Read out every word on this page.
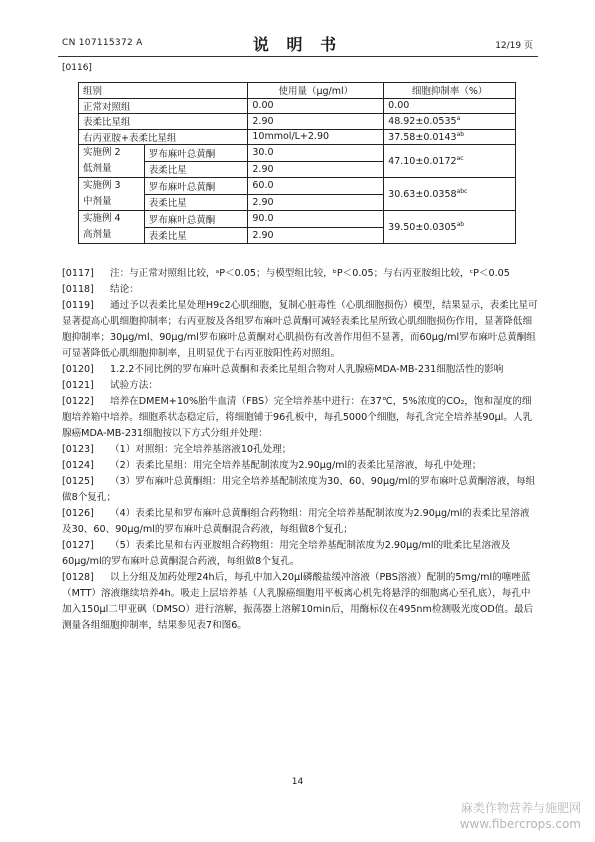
CN 107115372 A	说 明 书	12/19 页
[0116]
组别		使用量（μg/ml）	细胞抑制率（%）
正常对照组		0.00	0.00
表柔比星组		2.90	48.92±0.0535$^a$
右丙亚胺+表柔比星组		10mmol/L+2.90	37.58±0.0143$^{ab}$
实施例 2
低剂量	罗布麻叶总黄酮	30.0	47.10±0.0172$^{ac}$
	表柔比星	2.90	
实施例 3
中剂量	罗布麻叶总黄酮	60.0	30.63±0.0358$^{abc}$
	表柔比星	2.90	
实施例 4
高剂量	罗布麻叶总黄酮	90.0	39.50±0.0305$^{ab}$
	表柔比星	2.90	

[0117] 注：与正常对照组比较，ᵃP＜0.05；与模型组比较，ᵇP＜0.05；与右丙亚胺组比较，ᶜP＜0.05

[0118] 结论：

[0119] 通过予以表柔比星处理H9c2心肌细胞，复制心脏毒性（心肌细胞损伤）模型，结果显示，表柔比星可显著提高心肌细胞抑制率；右丙亚胺及各组罗布麻叶总黄酮可减轻表柔比星所致心肌细胞损伤作用，显著降低细胞抑制率；30μg/ml、90μg/ml罗布麻叶总黄酮对心肌损伤有改善作用但不显著，而60μg/ml罗布麻叶总黄酮组可显著降低心肌细胞抑制率，且明显优于右丙亚胺阳性药对照组。

[0120] 1.2.2不同比例的罗布麻叶总黄酮和表柔比星组合物对人乳腺癌MDA-MB-231细胞活性的影响

[0121] 试验方法：

[0122] 培养在DMEM+10%胎牛血清（FBS）完全培养基中进行：在37℃，5%浓度的CO₂，饱和湿度的细胞培养箱中培养。细胞系状态稳定后，将细胞铺于96孔板中，每孔5000个细胞，每孔含完全培养基90μl。人乳腺癌MDA-MB-231细胞按以下方式分组并处理：

[0123] （1）对照组：完全培养基溶液10孔处理；

[0124] （2）表柔比星组：用完全培养基配制浓度为2.90μg/ml的表柔比星溶液，每孔中处理；

[0125] （3）罗布麻叶总黄酮组：用完全培养基配制浓度为30、60、90μg/ml的罗布麻叶总黄酮溶液，每组做8个复孔；

[0126] （4）表柔比星和罗布麻叶总黄酮组合药物组：用完全培养基配制浓度为2.90μg/ml的表柔比星溶液及30、60、90μg/ml的罗布麻叶总黄酮混合药液，每组做8个复孔；

[0127] （5）表柔比星和右丙亚胺组合药物组：用完全培养基配制浓度为2.90μg/ml的吡柔比星溶液及60μg/ml的罗布麻叶总黄酮混合药液，每组做8个复孔。

[0128] 以上分组及加药处理24h后，每孔中加入20μl磷酸盐缓冲溶液（PBS溶液）配制的5mg/ml的噻唑蓝（MTT）溶液继续培养4h。吸走上层培养基（人乳腺癌细胞用平板离心机先将悬浮的细胞离心至孔底），每孔中加入150μl二甲亚砜（DMSO）进行溶解，振荡器上溶解10min后，用酶标仪在495nm检测吸光度OD值。最后测量各组细胞抑制率，结果参见表7和图6。

14
麻类作物营养与施肥网
www.fibercrops.com
